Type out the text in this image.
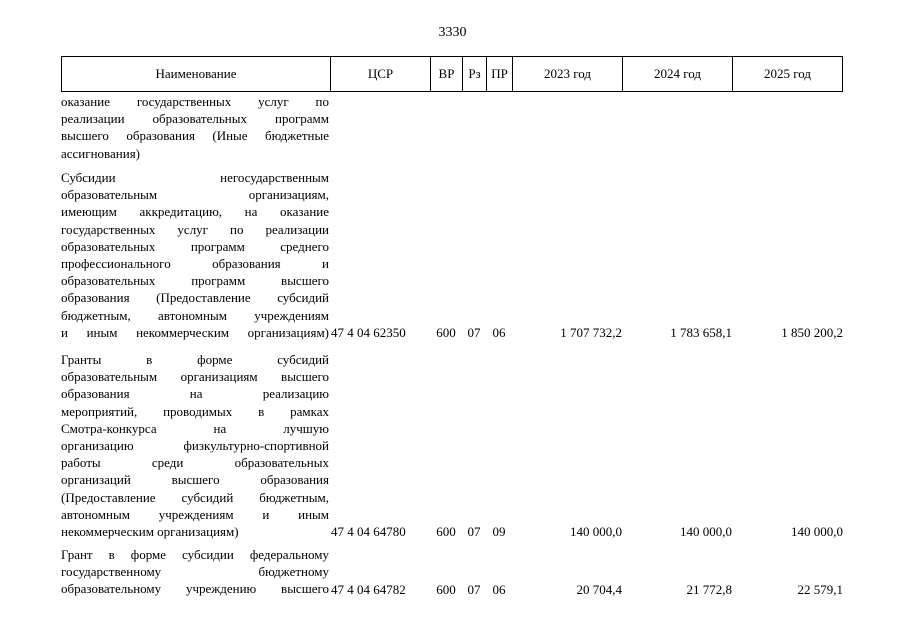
3330
Наименование	ЦСР	ВР	Рз ПР	2023 год	2024 год	2025 год
оказание государственных услуг по
реализации образовательных программ
высшего образования (Иные бюджетные
ассигнования)
Субсидии негосударственным
образовательным организациям,
имеющим аккредитацию, на оказание
государственных услуг по реализации
образовательных программ среднего
профессионального образования и
образовательных программ высшего
образования (Предоставление субсидий
бюджетным, автономным учреждениям
и иным некоммерческим организациям) 47 4 04 62350	600 07 06	1 707 732,2	1 783 658,1	1 850 200,2
Гранты в форме субсидий
образовательным организациям высшего
образования на реализацию
мероприятий, проводимых в рамках
Смотра-конкурса на лучшую
организацию физкультурно-спортивной
работы среди образовательных
организаций высшего образования
(Предоставление субсидий бюджетным,
автономным учреждениям и иным
некоммерческим организациям)	47 4 04 64780	600 07 09	140 000,0	140 000,0	140 000,0
Грант в форме субсидии федеральному
государственному бюджетному
образовательному учреждению высшего 47 4 04 64782	600 07 06	20 704,4	21 772,8	22 579,1
